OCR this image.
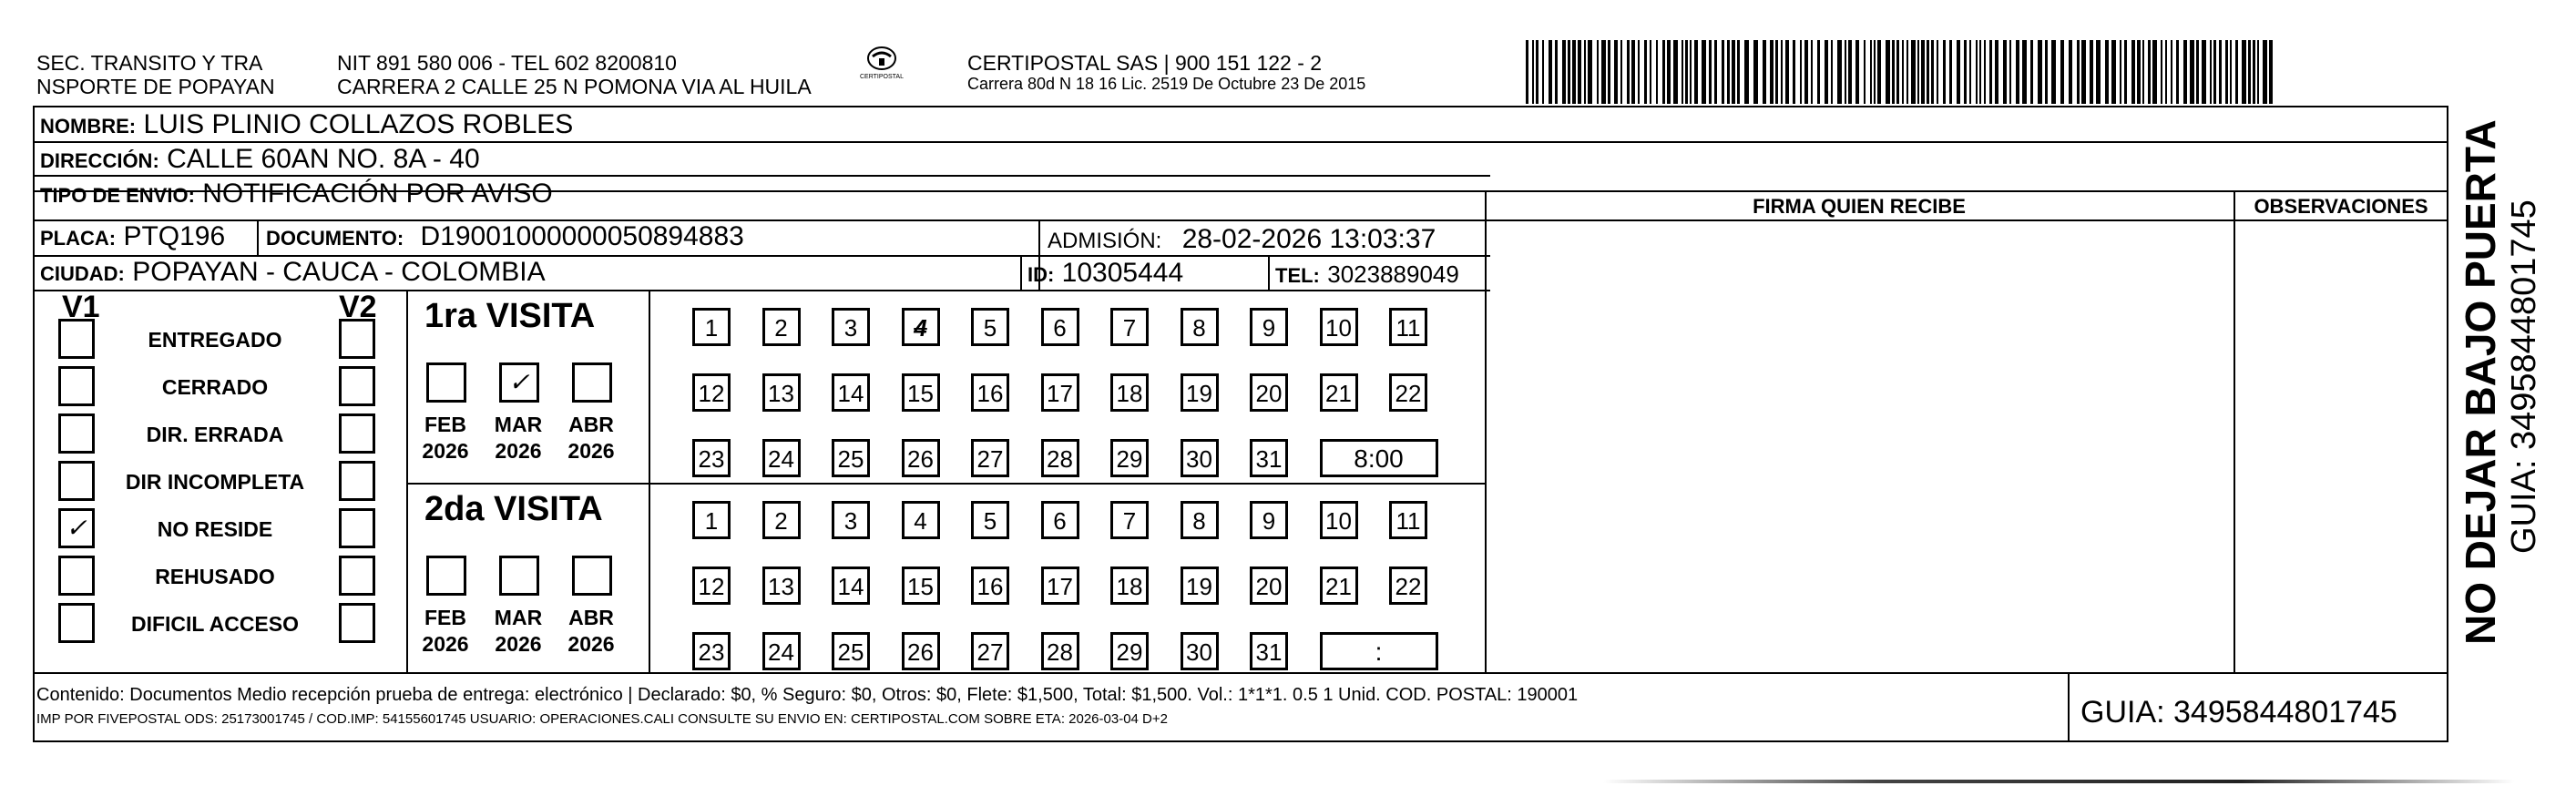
SEC. TRANSITO Y TRA
NSPORTE DE POPAYAN
NIT 891 580 006 - TEL 602 8200810
CARRERA 2 CALLE 25 N POMONA VIA AL HUILA	CERTIPOSTAL
CERTIPOSTAL SAS | 900 151 122 - 2
Carrera 80d N 18 16 Lic. 2519 De Octubre 23 De 2015
NOMBRE: LUIS PLINIO COLLAZOS ROBLES
DIRECCIÓN: CALLE 60AN NO. 8A - 40
TIPO DE ENVIO: NOTIFICACIÓN POR AVISO
PLACA: PTQ196 DOCUMENTO: D19001000000050894883	ADMISIÓN: 28-02-2026 13:03:37
CIUDAD: POPAYAN - CAUCA - COLOMBIA	ID: 10305444	TEL: 3023889049
FIRMA QUIEN RECIBE	OBSERVACIONES
V1	V2
ENTREGADO
CERRADO
DIR. ERRADA
DIR INCOMPLETA
✓	NO RESIDE
REHUSADO
DIFICIL ACCESO
1ra VISITA
2da VISITA
FEB
2026
✓
MAR
2026
ABR
2026
1	2	3	4	5	6	7	8	9	10 11
12 13 14 15 16 17 18 19 20 21 22
23 24 25 26 27 28 29 30 31	8:00
FEB
2026
MAR
2026
ABR
2026
1	2	3	4	5	6	7	8	9	10 11
12 13 14 15 16 17 18 19 20 21 22
23 24 25 26 27 28 29 30 31	:
Contenido: Documentos Medio recepción prueba de entrega: electrónico | Declarado: $0, % Seguro: $0, Otros: $0, Flete: $1,500, Total: $1,500. Vol.: 1*1*1. 0.5 1 Unid. COD. POSTAL: 190001
IMP POR FIVEPOSTAL ODS: 25173001745 / COD.IMP: 54155601745 USUARIO: OPERACIONES.CALI CONSULTE SU ENVIO EN: CERTIPOSTAL.COM SOBRE ETA: 2026-03-04 D+2	GUIA: 3495844801745
NO DEJAR BAJO PUERTA GUIA: 3495844801745
